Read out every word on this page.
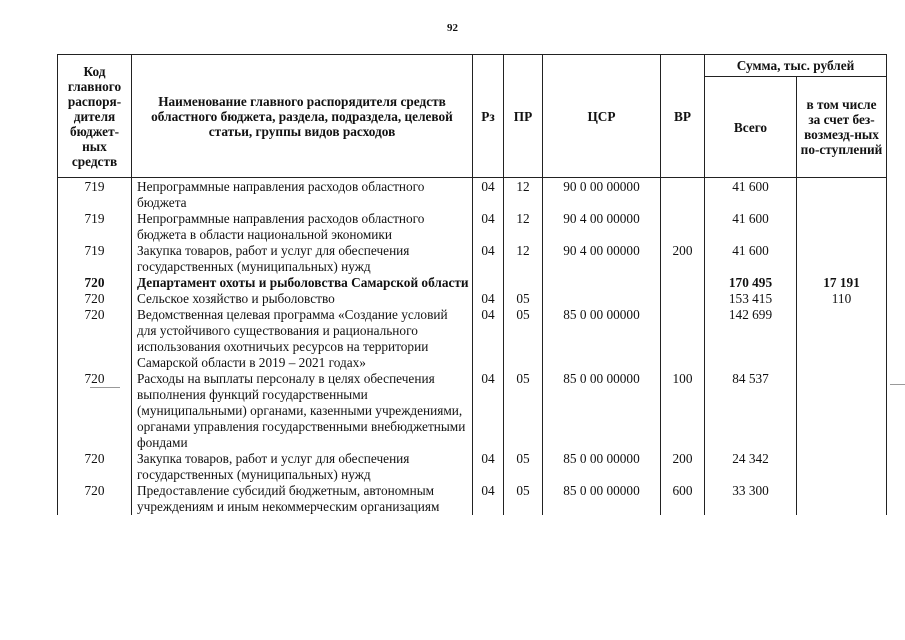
92
Код главного распоря-дителя бюджет-ных средств	Наименование главного распорядителя средств областного бюджета, раздела, подраздела, целевой статьи, группы видов расходов	Рз	ПР	ЦСР	ВР	Сумма, тыс. рублей	
						Всего	в том числе за счет без-возмезд-ных по-ступлений
719	Непрограммные направления расходов областного бюджета	04	12	90 0 00 00000		41 600	
719	Непрограммные направления расходов областного бюджета в области национальной экономики	04	12	90 4 00 00000		41 600	
719	Закупка товаров, работ и услуг для обеспечения государственных (муниципальных) нужд	04	12	90 4 00 00000	200	41 600	
720	Департамент охоты и рыболовства Самарской области					170 495	17 191
720	Сельское хозяйство и рыболовство	04	05			153 415	110
720	Ведомственная целевая программа «Создание условий для устойчивого существования и рационального использования охотничьих ресурсов на территории Самарской области в 2019 – 2021 годах»	04	05	85 0 00 00000		142 699	
720	Расходы на выплаты персоналу в целях обеспечения выполнения функций государственными (муниципальными) органами, казенными учреждениями, органами управления государственными внебюджетными фондами	04	05	85 0 00 00000	100	84 537	
720	Закупка товаров, работ и услуг для обеспечения государственных (муниципальных) нужд	04	05	85 0 00 00000	200	24 342	
720	Предоставление субсидий бюджетным, автономным учреждениям и иным некоммерческим организациям	04	05	85 0 00 00000	600	33 300	
